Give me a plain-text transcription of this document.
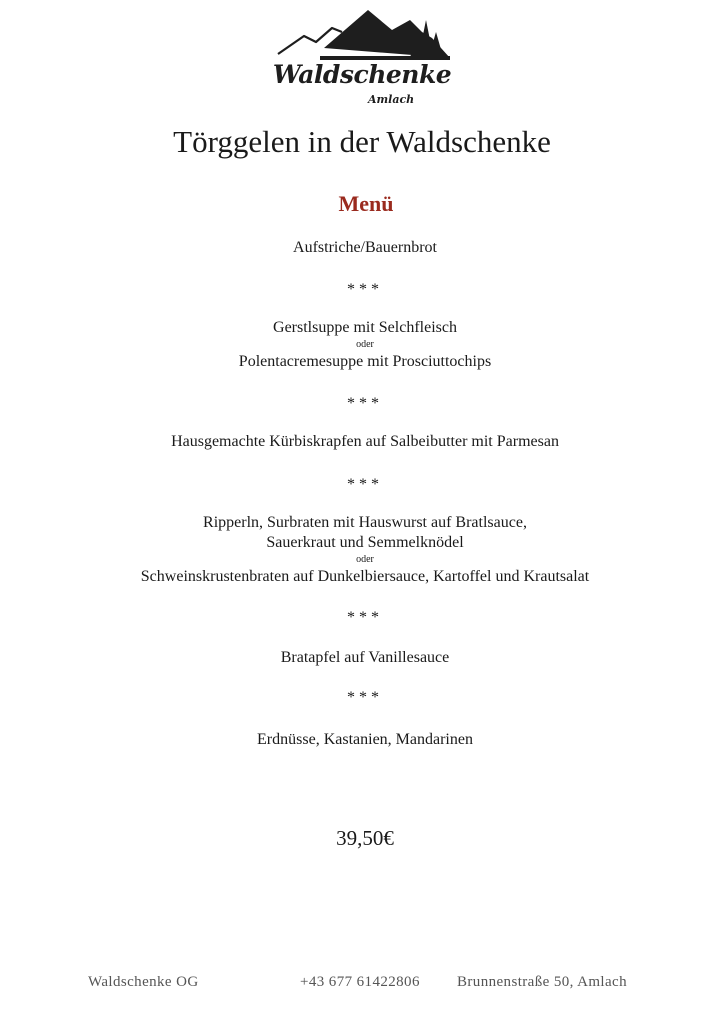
Waldschenke
Amlach
Törggelen in der Waldschenke
Menü
Aufstriche/Bauernbrot
***
Gerstlsuppe mit Selchfleisch
oder
Polentacremesuppe mit Prosciuttochips
***
Hausgemachte Kürbiskrapfen auf Salbeibutter mit Parmesan
***
Ripperln, Surbraten mit Hauswurst auf Bratlsauce,
Sauerkraut und Semmelknödel
oder
Schweinskrustenbraten auf Dunkelbiersauce, Kartoffel und Krautsalat
***
Bratapfel auf Vanillesauce
***
Erdnüsse, Kastanien, Mandarinen
39,50€
Waldschenke OG	+43 677 61422806 Brunnenstraße 50, Amlach
